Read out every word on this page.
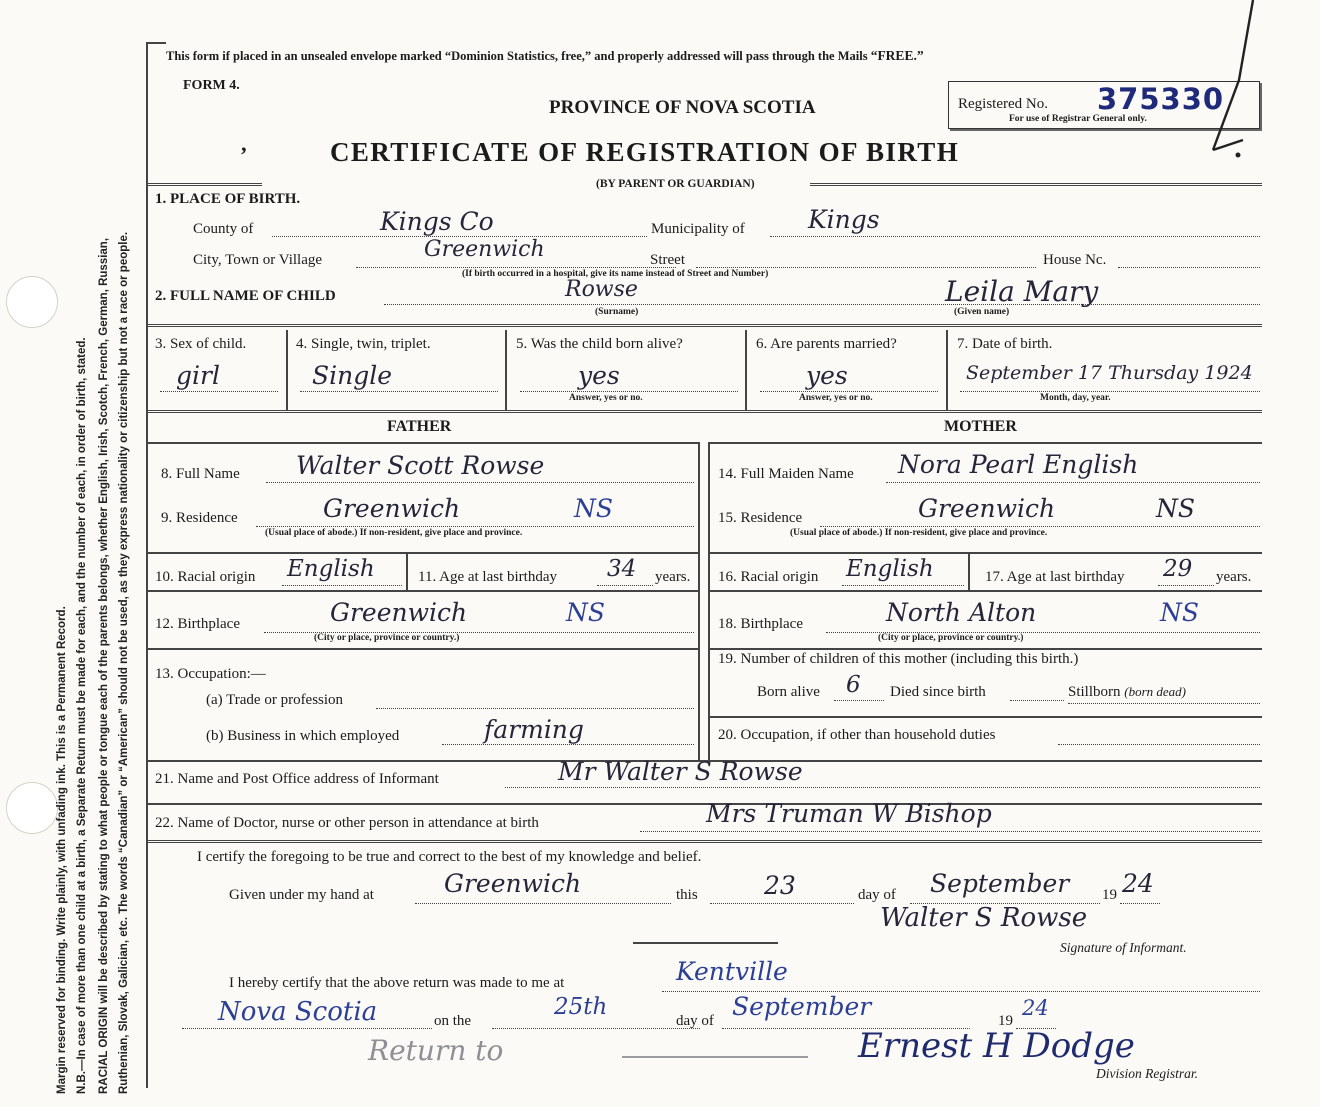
Margin reserved for binding. Write plainly, with unfading ink. This is a Permanent Record. N.B.—In case of more than one child at a birth, a Separate Return must be made for each, and the number of each, in order of birth, stated. RACIAL ORIGIN will be described by stating to what people or tongue each of the parents belongs, whether English, Irish, Scotch, French, German, Russian, Ruthenian, Slovak, Galician, etc. The words “Canadian” or “American” should not be used, as they express nationality or citizenship but not a race or people.
This form if placed in an unsealed envelope marked “Dominion Statistics, free,” and properly addressed will pass through the Mails “FREE.”
FORM 4.
PROVINCE OF NOVA SCOTIA	Registered No. 375330
For use of Registrar General only.
CERTIFICATE OF REGISTRATION OF BIRTH
(BY PARENT OR GUARDIAN)
’
1. PLACE OF BIRTH.
County of	Kings Co	Municipality of	Kings
City, Town or Village	Greenwich	Street	House Nc.
(If birth occurred in a hospital, give its name instead of Street and Number)
2. FULL NAME OF CHILD	Rowse
(Surname)
Leila Mary
(Given name)
3. Sex of child.
girl
4. Single, twin, triplet.
Single
5. Was the child born alive?
yes
Answer, yes or no.
6. Are parents married?
yes
Answer, yes or no.
7. Date of birth.
September 17 Thursday 1924
Month, day, year.
FATHER	MOTHER
8. Full Name Walter Scott Rowse
9. Residence	Greenwich	NS
(Usual place of abode.) If non-resident, give place and province.
10. Racial origin English	11. Age at last birthday 34 years.
12. Birthplace	Greenwich	NS
(City or place, province or country.)
13. Occupation:—
(a) Trade or profession
(b) Business in which employed	farming
14. Full Maiden Name Nora Pearl English
15. Residence	Greenwich	NS
(Usual place of abode.) If non-resident, give place and province.
16. Racial origin English	17. Age at last birthday 29 years.
18. Birthplace	North Alton	NS
(City or place, province or country.)
19. Number of children of this mother (including this birth.)
Born alive 6 Died since birth	Stillborn (born dead)
20. Occupation, if other than household duties
21. Name and Post Office address of Informant	Mr Walter S Rowse
22. Name of Doctor, nurse or other person in attendance at birth	Mrs Truman W Bishop
I certify the foregoing to be true and correct to the best of my knowledge and belief.
Given under my hand at	Greenwich	this	23	day of September 19 24
Walter S Rowse
Signature of Informant.
I hereby certify that the above return was made to me at	Kentville
Nova Scotia	on the
25th
day of September	19
24
Return to	Ernest H Dodge
Division Registrar.
